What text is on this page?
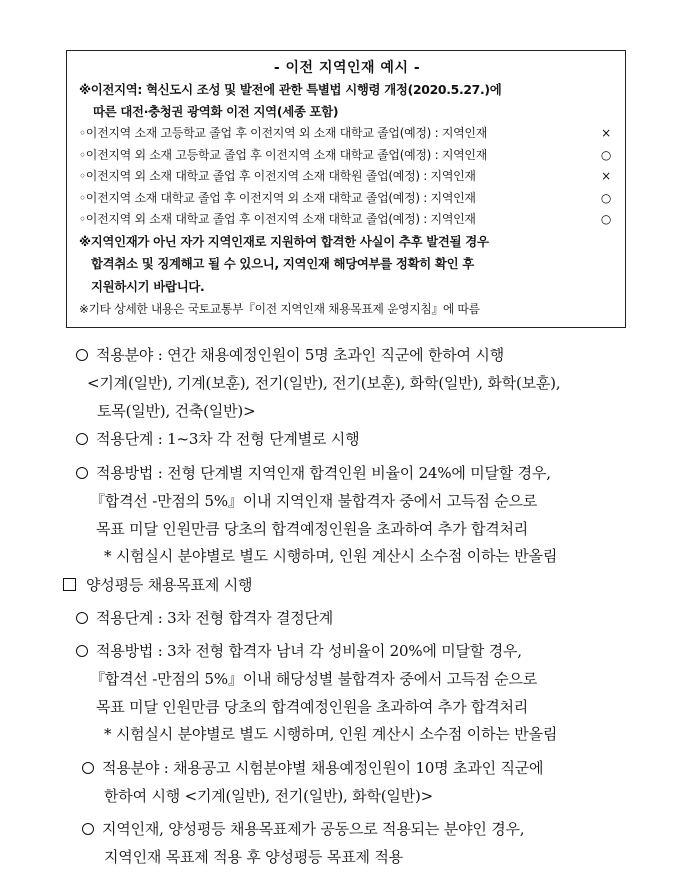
- 이전 지역인재 예시 -
※이전지역: 혁신도시 조성 및 발전에 관한 특별법 시행령 개정(2020.5.27.)에
따른 대전·충청권 광역화 이전 지역(세종 포함)
◦이전지역 소재 고등학교 졸업 후 이전지역 외 소재 대학교 졸업(예정) : 지역인재	×
◦이전지역 외 소재 고등학교 졸업 후 이전지역 소재 대학교 졸업(예정) : 지역인재	○
◦이전지역 외 소재 대학교 졸업 후 이전지역 소재 대학원 졸업(예정) : 지역인재	×
◦이전지역 소재 대학교 졸업 후 이전지역 외 소재 대학교 졸업(예정) : 지역인재	○
◦이전지역 외 소재 대학교 졸업 후 이전지역 소재 대학교 졸업(예정) : 지역인재	○
※지역인재가 아닌 자가 지역인재로 지원하여 합격한 사실이 추후 발견될 경우
합격취소 및 징계해고 될 수 있으니, 지역인재 해당여부를 정확히 확인 후
지원하시기 바랍니다.
※기타 상세한 내용은 국토교통부『이전 지역인재 채용목표제 운영지침』에 따름
적용분야 : 연간 채용예정인원이 5명 초과인 직군에 한하여 시행
<기계(일반), 기계(보훈), 전기(일반), 전기(보훈), 화학(일반), 화학(보훈),
토목(일반), 건축(일반)>
적용단계 : 1~3차 각 전형 단계별로 시행
적용방법 : 전형 단계별 지역인재 합격인원 비율이 24%에 미달할 경우,
『합격선 -만점의 5%』이내 지역인재 불합격자 중에서 고득점 순으로
목표 미달 인원만큼 당초의 합격예정인원을 초과하여 추가 합격처리
* 시험실시 분야별로 별도 시행하며, 인원 계산시 소수점 이하는 반올림
양성평등 채용목표제 시행
적용단계 : 3차 전형 합격자 결정단계
적용방법 : 3차 전형 합격자 남녀 각 성비율이 20%에 미달할 경우,
『합격선 -만점의 5%』이내 해당성별 불합격자 중에서 고득점 순으로
목표 미달 인원만큼 당초의 합격예정인원을 초과하여 추가 합격처리
* 시험실시 분야별로 별도 시행하며, 인원 계산시 소수점 이하는 반올림
적용분야 : 채용공고 시험분야별 채용예정인원이 10명 초과인 직군에
한하여 시행 <기계(일반), 전기(일반), 화학(일반)>
지역인재, 양성평등 채용목표제가 공동으로 적용되는 분야인 경우,
지역인재 목표제 적용 후 양성평등 목표제 적용
